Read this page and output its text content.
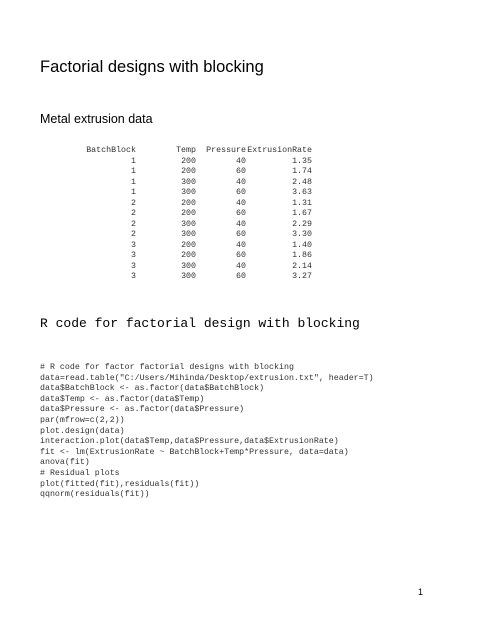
Factorial designs with blocking
Metal extrusion data
BatchBlock	Temp	Pressure	ExtrusionRate
1	200	40	1.35
1	200	60	1.74
1	300	40	2.48
1	300	60	3.63
2	200	40	1.31
2	200	60	1.67
2	300	40	2.29
2	300	60	3.30
3	200	40	1.40
3	200	60	1.86
3	300	40	2.14
3	300	60	3.27
R code for factorial design with blocking
# R code for factor factorial designs with blocking
data=read.table("C:/Users/Mihinda/Desktop/extrusion.txt", header=T)
data$BatchBlock <- as.factor(data$BatchBlock)
data$Temp <- as.factor(data$Temp)
data$Pressure <- as.factor(data$Pressure)
par(mfrow=c(2,2))
plot.design(data)
interaction.plot(data$Temp,data$Pressure,data$ExtrusionRate)
fit <- lm(ExtrusionRate ~ BatchBlock+Temp*Pressure, data=data)
anova(fit)
# Residual plots
plot(fitted(fit),residuals(fit))
qqnorm(residuals(fit))
1
